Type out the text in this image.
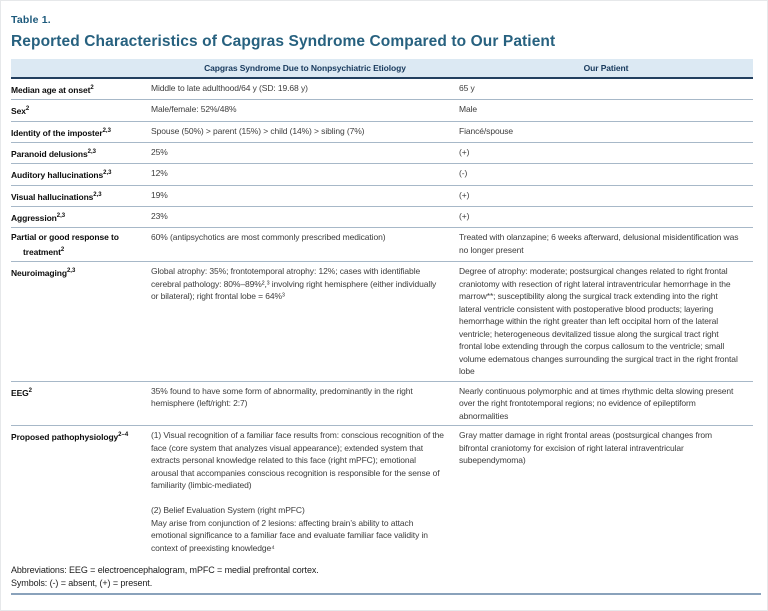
Table 1.
Reported Characteristics of Capgras Syndrome Compared to Our Patient
	Capgras Syndrome Due to Nonpsychiatric Etiology	Our Patient
Median age at onset$^2$	Middle to late adulthood/64 y (SD: 19.68 y)	65 y

Sex$^2$	Male/female: 52%/48%	Male

Identity of the imposter$^{2,3}$	Spouse (50%) > parent (15%) > child (14%) > sibling (7%)	Fiancé/spouse

Paranoid delusions$^{2,3}$	25%	(+)

Auditory hallucinations$^{2,3}$	12%	(-)

Visual hallucinations$^{2,3}$	19%	(+)

Aggression$^{2,3}$	23%	(+)

Partial or good response to treatment$^2$	60% (antipsychotics are most commonly prescribed medication)	Treated with olanzapine; 6 weeks afterward, delusional misidentification was no longer present

Neuroimaging$^{2,3}$	Global atrophy: 35%; frontotemporal atrophy: 12%; cases with identifiable cerebral pathology: 80%–89%²,³ involving right hemisphere (either individually or bilateral); right frontal lobe = 64%³	Degree of atrophy: moderate; postsurgical changes related to right frontal craniotomy with resection of right lateral intraventricular hemorrhage in the marrow**; susceptibility along the surgical track extending into the right lateral ventricle consistent with postoperative blood products; layering hemorrhage within the right greater than left occipital horn of the lateral ventricle; heterogeneous devitalized tissue along the surgical tract right frontal lobe extending through the corpus callosum to the ventricle; small volume edematous changes surrounding the surgical tract in the right frontal lobe

EEG$^2$	35% found to have some form of abnormality, predominantly in the right hemisphere (left/right: 2:7)	Nearly continuous polymorphic and at times rhythmic delta slowing present over the right frontotemporal regions; no evidence of epileptiform abnormalities

Proposed pathophysiology$^{2-4}$	(1) Visual recognition of a familiar face results from: conscious recognition of the face (core system that analyzes visual appearance); extended system that extracts personal knowledge related to this face (right mPFC); emotional arousal that accompanies conscious recognition is responsible for the sense of familiarity (limbic-mediated)
(2) Belief Evaluation System (right mPFC)
May arise from conjunction of 2 lesions: affecting brain’s ability to attach emotional significance to a familiar face and evaluate familiar face validity in context of preexisting knowledge⁴	Gray matter damage in right frontal areas (postsurgical changes from bifrontal craniotomy for excision of right lateral intraventricular subependymoma)
Abbreviations: EEG = electroencephalogram, mPFC = medial prefrontal cortex.
Symbols: (-) = absent, (+) = present.
